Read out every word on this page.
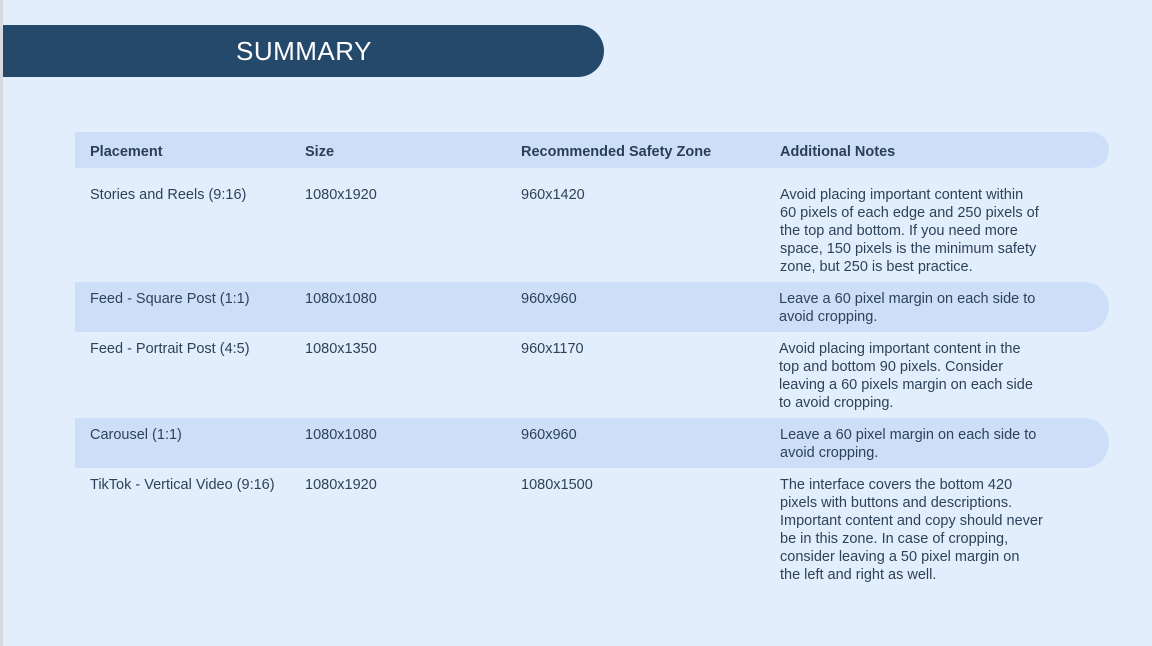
SUMMARY
Placement	Size	Recommended Safety Zone	Additional Notes
Stories and Reels (9:16)	1080x1920	960x1420	Avoid placing important content within
60 pixels of each edge and 250 pixels of
the top and bottom. If you need more
space, 150 pixels is the minimum safety
zone, but 250 is best practice.
Feed - Square Post (1:1)	1080x1080	960x960	Leave a 60 pixel margin on each side to
avoid cropping.
Feed - Portrait Post (4:5)	1080x1350	960x1170	Avoid placing important content in the
top and bottom 90 pixels. Consider
leaving a 60 pixels margin on each side
to avoid cropping.
Carousel (1:1)	1080x1080	960x960	Leave a 60 pixel margin on each side to
avoid cropping.
TikTok - Vertical Video (9:16)	1080x1920	1080x1500	The interface covers the bottom 420
pixels with buttons and descriptions.
Important content and copy should never
be in this zone. In case of cropping,
consider leaving a 50 pixel margin on
the left and right as well.
